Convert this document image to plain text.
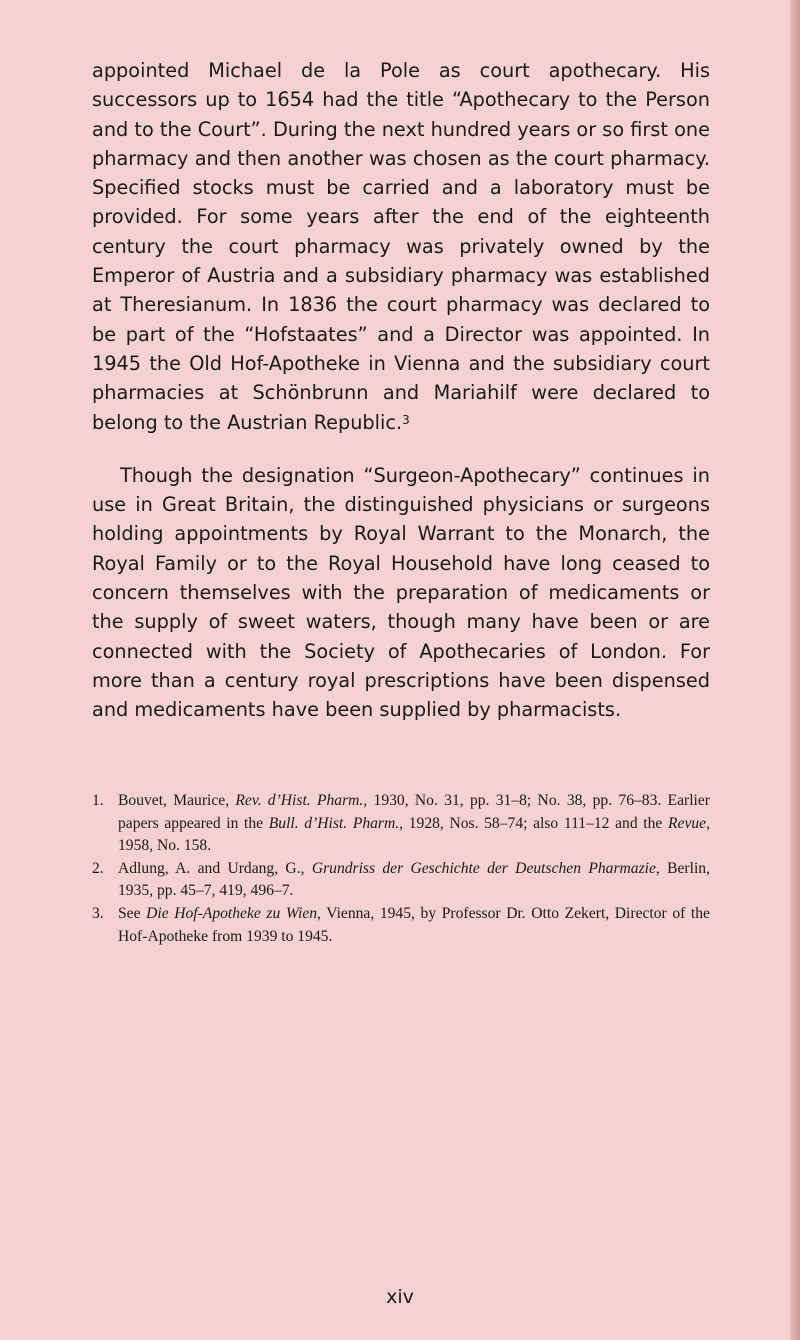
appointed Michael de la Pole as court apothecary. His successors up to 1654 had the title “Apothecary to the Person and to the Court”. During the next hundred years or so first one pharmacy and then another was chosen as the court pharmacy. Specified stocks must be carried and a laboratory must be provided. For some years after the end of the eighteenth century the court pharmacy was privately owned by the Emperor of Austria and a subsidiary pharmacy was established at Theresianum. In 1836 the court pharmacy was declared to be part of the “Hofstaates” and a Director was appointed. In 1945 the Old Hof-Apotheke in Vienna and the subsidiary court pharmacies at Schönbrunn and Mariahilf were declared to belong to the Austrian Republic.$^3$

Though the designation “Surgeon-Apothecary” continues in use in Great Britain, the distinguished physicians or surgeons holding appointments by Royal Warrant to the Monarch, the Royal Family or to the Royal Household have long ceased to concern themselves with the preparation of medicaments or the supply of sweet waters, though many have been or are connected with the Society of Apothecaries of London. For more than a century royal prescriptions have been dispensed and medicaments have been supplied by pharmacists.

1. Bouvet, Maurice, Rev. d’Hist. Pharm., 1930, No. 31, pp. 31–8; No. 38, pp. 76–83. Earlier papers appeared in the Bull. d’Hist. Pharm., 1928, Nos. 58–74; also 111–12 and the Revue, 1958, No. 158.
2. Adlung, A. and Urdang, G., Grundriss der Geschichte der Deutschen Pharmazie, Berlin, 1935, pp. 45–7, 419, 496–7.
3. See Die Hof-Apotheke zu Wien, Vienna, 1945, by Professor Dr. Otto Zekert, Director of the Hof-Apotheke from 1939 to 1945.
xiv
